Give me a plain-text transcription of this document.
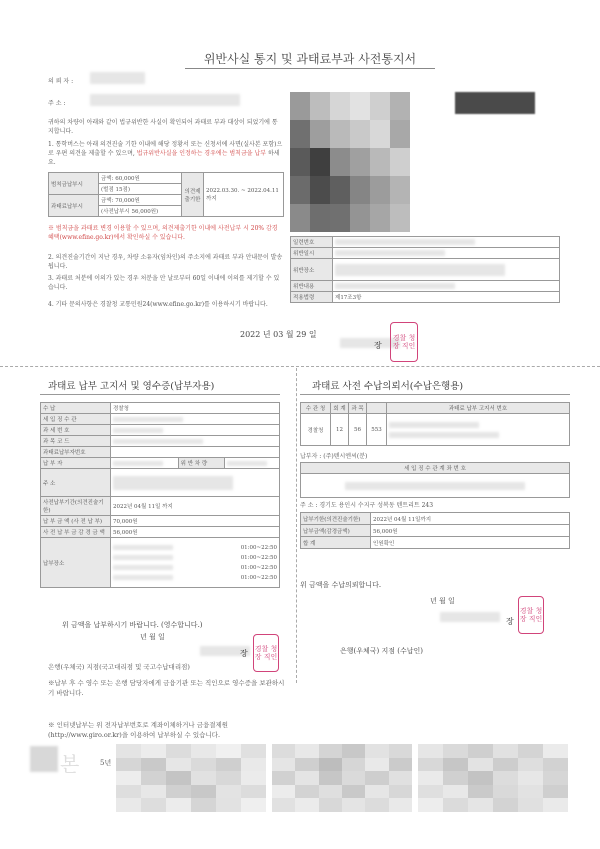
위반사실 통지 및 과태료부과 사전통지서
의 뢰 자 :
주 소 :
귀하의 차량이 아래와 같이 법규위반한 사실이 확인되어 과태료 부과 대상이 되었기에 통지합니다.
1. 통학버스는 아래 의견진술 기한 이내에 해당 정황서 또는 신청서에 사면(실사본 포함)으로 우편 의견을 제출할 수 있으며, 법규위반사실을 인정하는 경우에는 범칙금을 납부 하세요.
범칙금납부시	금액: 60,000원	의견제출기한	2022.03.30. ~ 2022.04.11 까지
	(벌점 15점)		
과태료납부시	금액: 70,000원		
	(사전납부시 56,000원)		
※ 범칙금을 과태료 변경 이용할 수 있으며, 의견제출기한 이내에 사전납부 시 20% 감경 혜택(www.efine.go.kr)에서 확인하실 수 있습니다.
2. 의견진술기간이 지난 경우, 차량 소유자(임차인)의 주소지에 과태료 부과 안내문이 발송됩니다.
3. 과태료 처분에 이의가 있는 경우 처분을 안 날로부터 60일 이내에 이의를 제기할 수 있습니다.
4. 기타 문의사항은 경찰청 교통민원24(www.efine.go.kr)를 이용하시기 바랍니다.
일련번호	

위반일시	

위반장소	

위반내용	

적용법령	제17조3항
2022 년 03 월 29 일
장
경찰 청장 직인
과태료 납부 고지서 및 영수증(납부자용)
수 납	경찰청		
세 입 징 수 관			

과 세 번 호			

과 목 코 드			

과태료납부자번호			
납 부 자		위 반 차 량	

주 소			

사전납부기간(의견진술기한)	2022년 04월 11일 까지		
납 부 금 액 (사 전 납 부)	70,000원		
사 전 납 부 금 감 경 금 액	56,000원		
납부장소	01:00~22:50
01:00~22:50
01:00~22:50
01:00~22:50		
위 금액을 납부하시기 바랍니다. (영수합니다.)
년 월 일
장 경찰 청장 직인
은행(우체국) 지점(국고대리점 및 국고수납대리점)
※납부 후 수 영수 또는 은행 담당자에게 금융기관 또는 직인으로 영수증을 보관하시기 바랍니다.
※ 인터넷납부는 위 전자납부번호로 계좌이체하거나 금융결제원 (http://www.giro.or.kr)을 이용하여 납부하실 수 있습니다.
과태료 사전 수납의뢰서(수납은행용)
수 관 청	회 계	과 목		과태료 납부 고지서 번호
경찰청	12	56	553	
납부자 : (주)텐시엔씨(분)
세 입 징 수 관 계 좌 번 호

주 소 : 경기도 용인시 수지구 성복동 텐트리트 243
납부기한(의견진술기한)	2022년 04월 11일까지
납부금액(감경금액)	56,000원
합 계	인원확인
위 금액을 수납의뢰합니다.
년 월 일
장
경찰 청장 직인
은행(우체국) 지점 (수납인)
본	5년
